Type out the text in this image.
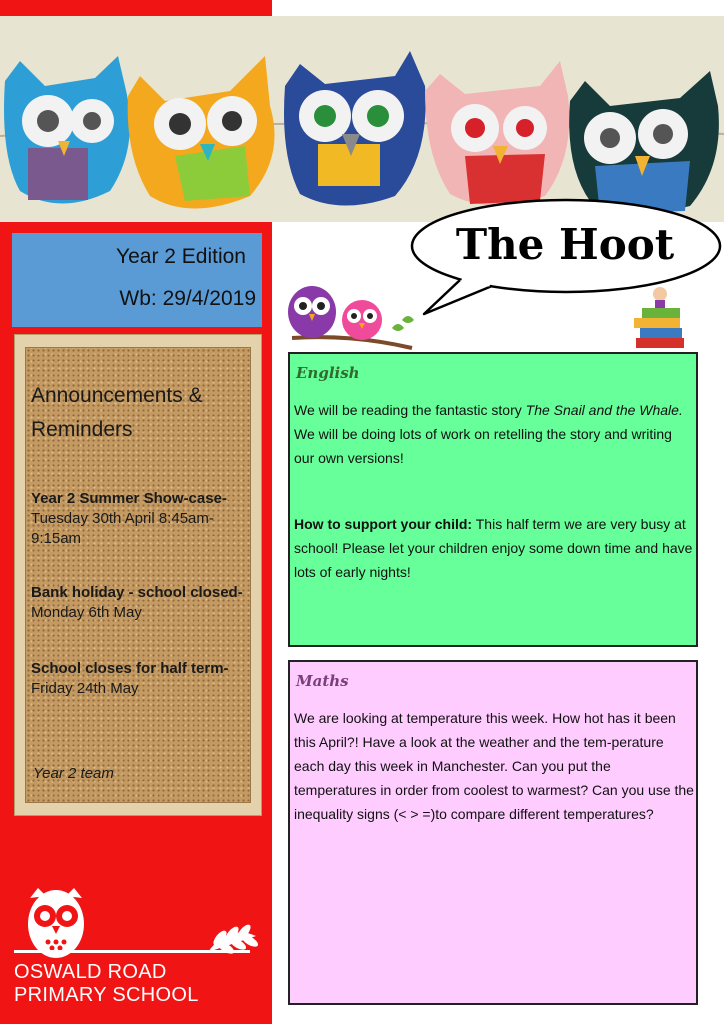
Year 2 Edition
Wb: 29/4/2019
Announcements & Reminders
Year 2 Summer Show-case-Tuesday 30th April 8:45am-9:15am
Bank holiday - school closed- Monday 6th May
School closes for half term- Friday 24th May
Year 2 team
The Hoot
English
We will be reading the fantastic story The Snail and the Whale. We will be doing lots of work on retelling the story and writing our own versions!
How to support your child: This half term we are very busy at school! Please let your children enjoy some down time and have lots of early nights!
Maths
We are looking at temperature this week. How hot has it been this April?! Have a look at the weather and the tem-perature each day this week in Manchester. Can you put the temperatures in order from coolest to warmest? Can you use the inequality signs (< > =)to compare different temperatures?
OSWALD ROAD
PRIMARY SCHOOL
